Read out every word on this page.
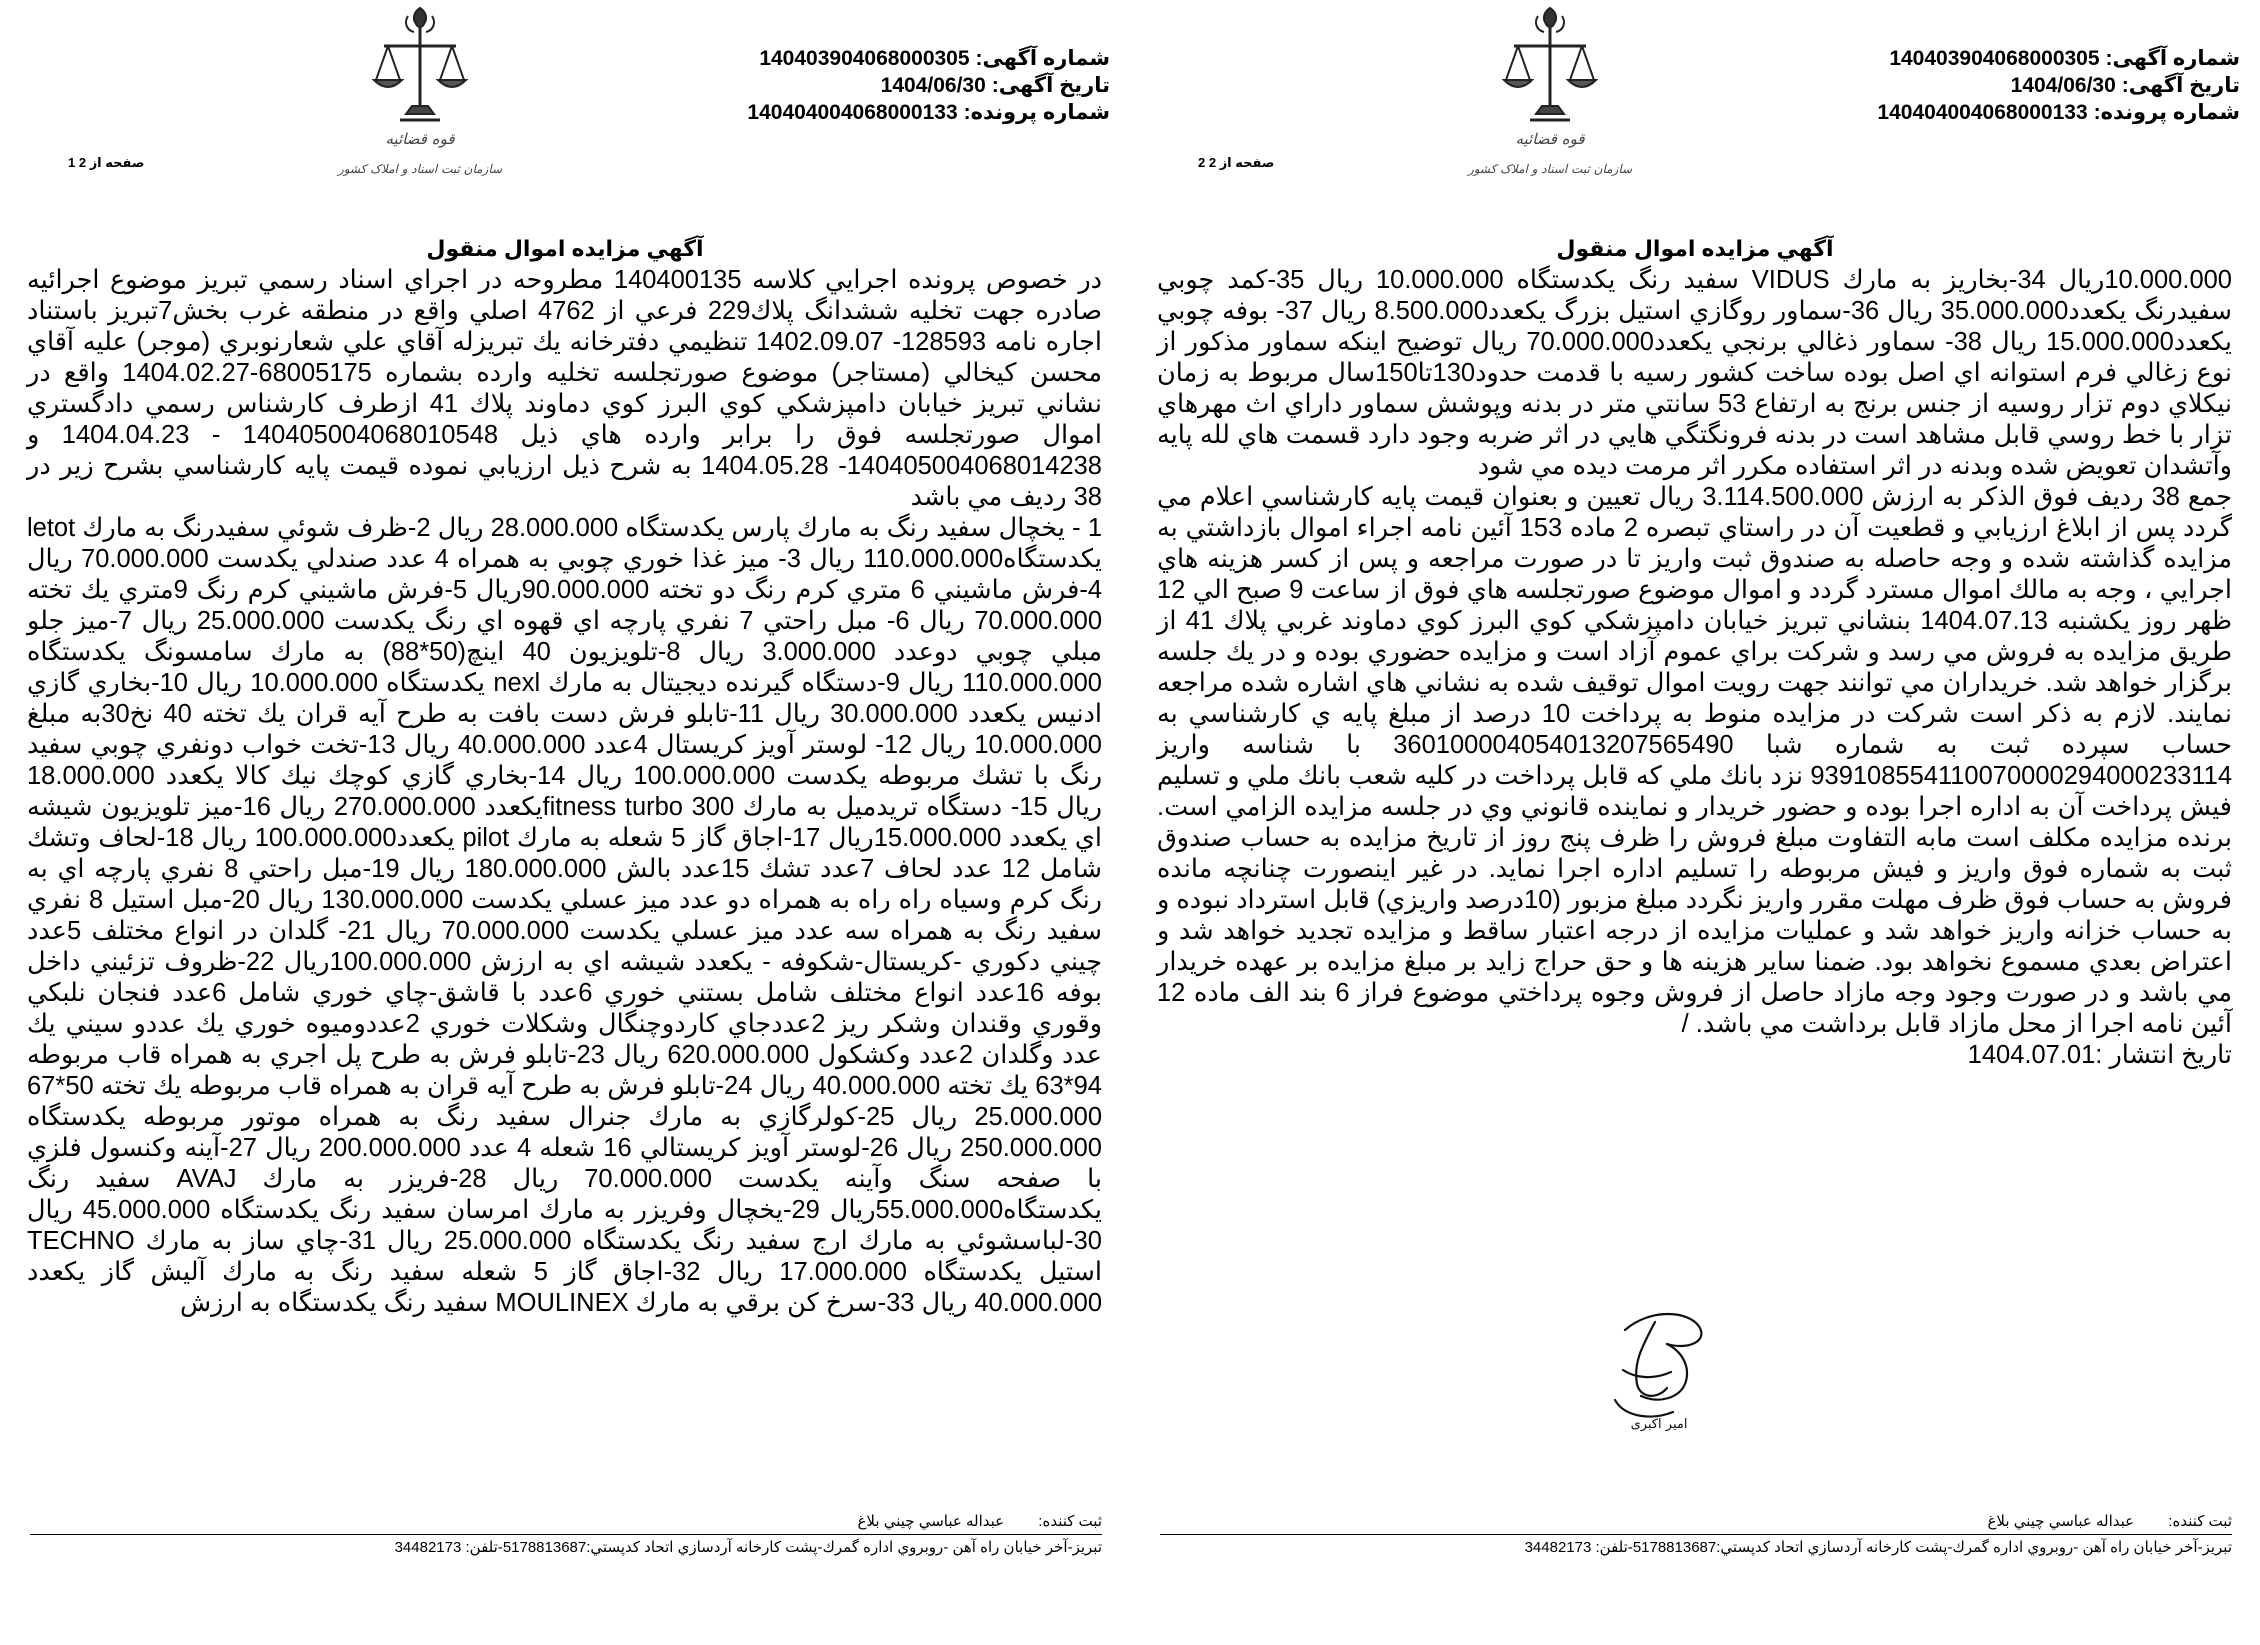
شماره آگهی:140403904068000305
تاریخ آگهی:1404/06/30
شماره پرونده:140404004068000133
قوه قضائیه
سازمان ثبت اسناد و املاک کشور
صفحه 2 از 2
آگهي مزايده اموال منقول

10.000.000ريال 34-بخاريز به مارك VIDUS سفيد رنگ يكدستگاه 10.000.000 ريال 35-كمد چوبي سفيدرنگ يكعدد35.000.000 ريال 36-سماور روگازي استيل بزرگ يكعدد8.500.000 ريال 37- بوفه چوبي يكعدد15.000.000 ريال 38- سماور ذغالي برنجي يكعدد70.000.000 ريال توضيح اينكه سماور مذكور از نوع زغالي فرم استوانه اي اصل بوده ساخت كشور رسيه با قدمت حدود130تا150سال مربوط به زمان نيكلاي دوم تزار روسيه از جنس برنج به ارتفاع 53 سانتي متر در بدنه وپوشش سماور داراي اث مهرهاي تزار با خط روسي قابل مشاهد است در بدنه فرونگتگي هايي در اثر ضربه وجود دارد قسمت هاي لله پايه وآتشدان تعويض شده وبدنه در اثر استفاده مكرر اثر مرمت ديده مي شود

جمع 38 رديف فوق الذكر به ارزش 3.114.500.000 ريال تعيين و بعنوان قيمت پايه كارشناسي اعلام مي گردد پس از ابلاغ ارزيابي و قطعيت آن در راستاي تبصره 2 ماده 153 آئين نامه اجراء اموال بازداشتي به مزايده گذاشته شده و وجه حاصله به صندوق ثبت واريز تا در صورت مراجعه و پس از كسر هزينه هاي اجرايي ، وجه به مالك اموال مسترد گردد و اموال موضوع صورتجلسه هاي فوق از ساعت 9 صبح الي 12 ظهر روز يكشنبه 1404.07.13 بنشاني تبريز خيابان دامپزشكي كوي البرز كوي دماوند غربي پلاك 41 از طريق مزايده به فروش مي رسد و شركت براي عموم آزاد است و مزايده حضوري بوده و در يك جلسه برگزار خواهد شد. خريداران مي توانند جهت رويت اموال توقيف شده به نشاني هاي اشاره شده مراجعه نمايند. لازم به ذكر است شركت در مزايده منوط به پرداخت 10 درصد از مبلغ پايه ي كارشناسي به حساب سپرده ثبت به شماره شبا 360100004054013207565490 با شناسه واريز 939108554110070000294000233114 نزد بانك ملي كه قابل پرداخت در كليه شعب بانك ملي و تسليم فيش پرداخت آن به اداره اجرا بوده و حضور خريدار و نماينده قانوني وي در جلسه مزايده الزامي است. برنده مزايده مكلف است مابه التفاوت مبلغ فروش را ظرف پنج روز از تاريخ مزايده به حساب صندوق ثبت به شماره فوق واريز و فيش مربوطه را تسليم اداره اجرا نمايد. در غير اينصورت چنانچه مانده فروش به حساب فوق ظرف مهلت مقرر واريز نگردد مبلغ مزبور (10درصد واريزي) قابل استرداد نبوده و به حساب خزانه واريز خواهد شد و عمليات مزايده از درجه اعتبار ساقط و مزايده تجديد خواهد شد و اعتراض بعدي مسموع نخواهد بود. ضمنا ساير هزينه ها و حق حراج زايد بر مبلغ مزايده بر عهده خريدار مي باشد و در صورت وجود وجه مازاد حاصل از فروش وجوه پرداختي موضوع فراز 6 بند الف ماده 12 آئين نامه اجرا از محل مازاد قابل برداشت مي باشد. /

تاريخ انتشار :1404.07.01
امیر اکبری
ثبت كننده: عبداله عباسي چيني بلاغ
تبريز-آخر خيابان راه آهن -روبروي اداره گمرك-پشت كارخانه آردسازي اتحاد كدپستي:5178813687-تلفن: 34482173
شماره آگهی:140403904068000305
تاریخ آگهی:1404/06/30
شماره پرونده:140404004068000133
قوه قضائیه
سازمان ثبت اسناد و املاک کشور
صفحه 1 از 2
آگهي مزايده اموال منقول

در خصوص پرونده اجرايي كلاسه 140400135 مطروحه در اجراي اسناد رسمي تبريز موضوع اجرائيه صادره جهت تخليه ششدانگ پلاك229 فرعي از 4762 اصلي واقع در منطقه غرب بخش7تبريز باستناد اجاره نامه 128593- 1402.09.07 تنظيمي دفترخانه يك تبريزله آقاي علي شعارنوبري (موجر) عليه آقاي محسن كيخالي (مستاجر) موضوع صورتجلسه تخليه وارده بشماره 68005175-1404.02.27 واقع در نشاني تبريز خيابان دامپزشكي كوي البرز كوي دماوند پلاك 41 ازطرف كارشناس رسمي دادگستري اموال صورتجلسه فوق را برابر وارده هاي ذيل 140405004068010548 - 1404.04.23 و 140405004068014238- 1404.05.28 به شرح ذيل ارزيابي نموده قيمت پايه كارشناسي بشرح زير در 38 رديف مي باشد

1 - يخچال سفيد رنگ به مارك پارس يكدستگاه 28.000.000 ريال 2-ظرف شوئي سفيدرنگ به مارك letot يكدستگاه110.000.000 ريال 3- ميز غذا خوري چوبي به همراه 4 عدد صندلي يكدست 70.000.000 ريال 4-فرش ماشيني 6 متري كرم رنگ دو تخته 90.000.000ريال 5-فرش ماشيني كرم رنگ 9متري يك تخته 70.000.000 ريال 6- مبل راحتي 7 نفري پارچه اي قهوه اي رنگ يكدست 25.000.000 ريال 7-ميز جلو مبلي چوبي دوعدد 3.000.000 ريال 8-تلويزيون 40 اينچ(50*88) به مارك سامسونگ يكدستگاه 110.000.000 ريال 9-دستگاه گيرنده ديجيتال به مارك nexl يكدستگاه 10.000.000 ريال 10-بخاري گازي ادنيس يكعدد 30.000.000 ريال 11-تابلو فرش دست بافت به طرح آيه قران يك تخته 40 نخ30به مبلغ 10.000.000 ريال 12- لوستر آويز كريستال 4عدد 40.000.000 ريال 13-تخت خواب دونفري چوبي سفيد رنگ با تشك مربوطه يكدست 100.000.000 ريال 14-بخاري گازي كوچك نيك كالا يكعدد 18.000.000 ريال 15- دستگاه تريدميل به مارك fitness turbo 300يكعدد 270.000.000 ريال 16-ميز تلويزيون شيشه اي يكعدد 15.000.000ريال 17-اجاق گاز 5 شعله به مارك pilot يكعدد100.000.000 ريال 18-لحاف وتشك شامل 12 عدد لحاف 7عدد تشك 15عدد بالش 180.000.000 ريال 19-مبل راحتي 8 نفري پارچه اي به رنگ كرم وسياه راه راه به همراه دو عدد ميز عسلي يكدست 130.000.000 ريال 20-مبل استيل 8 نفري سفيد رنگ به همراه سه عدد ميز عسلي يكدست 70.000.000 ريال 21- گلدان در انواع مختلف 5عدد چيني دكوري -كريستال-شكوفه - يكعدد شيشه اي به ارزش 100.000.000ريال 22-ظروف تزئيني داخل بوفه 16عدد انواع مختلف شامل بستني خوري 6عدد با قاشق-چاي خوري شامل 6عدد فنجان نلبكي وقوري وقندان وشكر ريز 2عددجاي كاردوچنگال وشكلات خوري 2عددوميوه خوري يك عددو سيني يك عدد وگلدان 2عدد وكشكول 620.000.000 ريال 23-تابلو فرش به طرح پل اجري به همراه قاب مربوطه 94*63 يك تخته 40.000.000 ريال 24-تابلو فرش به طرح آيه قران به همراه قاب مربوطه يك تخته 50*67 25.000.000 ريال 25-كولرگازي به مارك جنرال سفيد رنگ به همراه موتور مربوطه يكدستگاه 250.000.000 ريال 26-لوستر آويز كريستالي 16 شعله 4 عدد 200.000.000 ريال 27-آينه وكنسول فلزي با صفحه سنگ وآينه يكدست 70.000.000 ريال 28-فريزر به مارك AVAJ سفيد رنگ يكدستگاه55.000.000ريال 29-يخچال وفريزر به مارك امرسان سفيد رنگ يكدستگاه 45.000.000 ريال 30-لباسشوئي به مارك ارج سفيد رنگ يكدستگاه 25.000.000 ريال 31-چاي ساز به مارك TECHNO استيل يكدستگاه 17.000.000 ريال 32-اجاق گاز 5 شعله سفيد رنگ به مارك آليش گاز يكعدد 40.000.000 ريال 33-سرخ كن برقي به مارك MOULINEX سفيد رنگ يكدستگاه به ارزش

ثبت كننده: عبداله عباسي چيني بلاغ
تبريز-آخر خيابان راه آهن -روبروي اداره گمرك-پشت كارخانه آردسازي اتحاد كدپستي:5178813687-تلفن: 34482173
